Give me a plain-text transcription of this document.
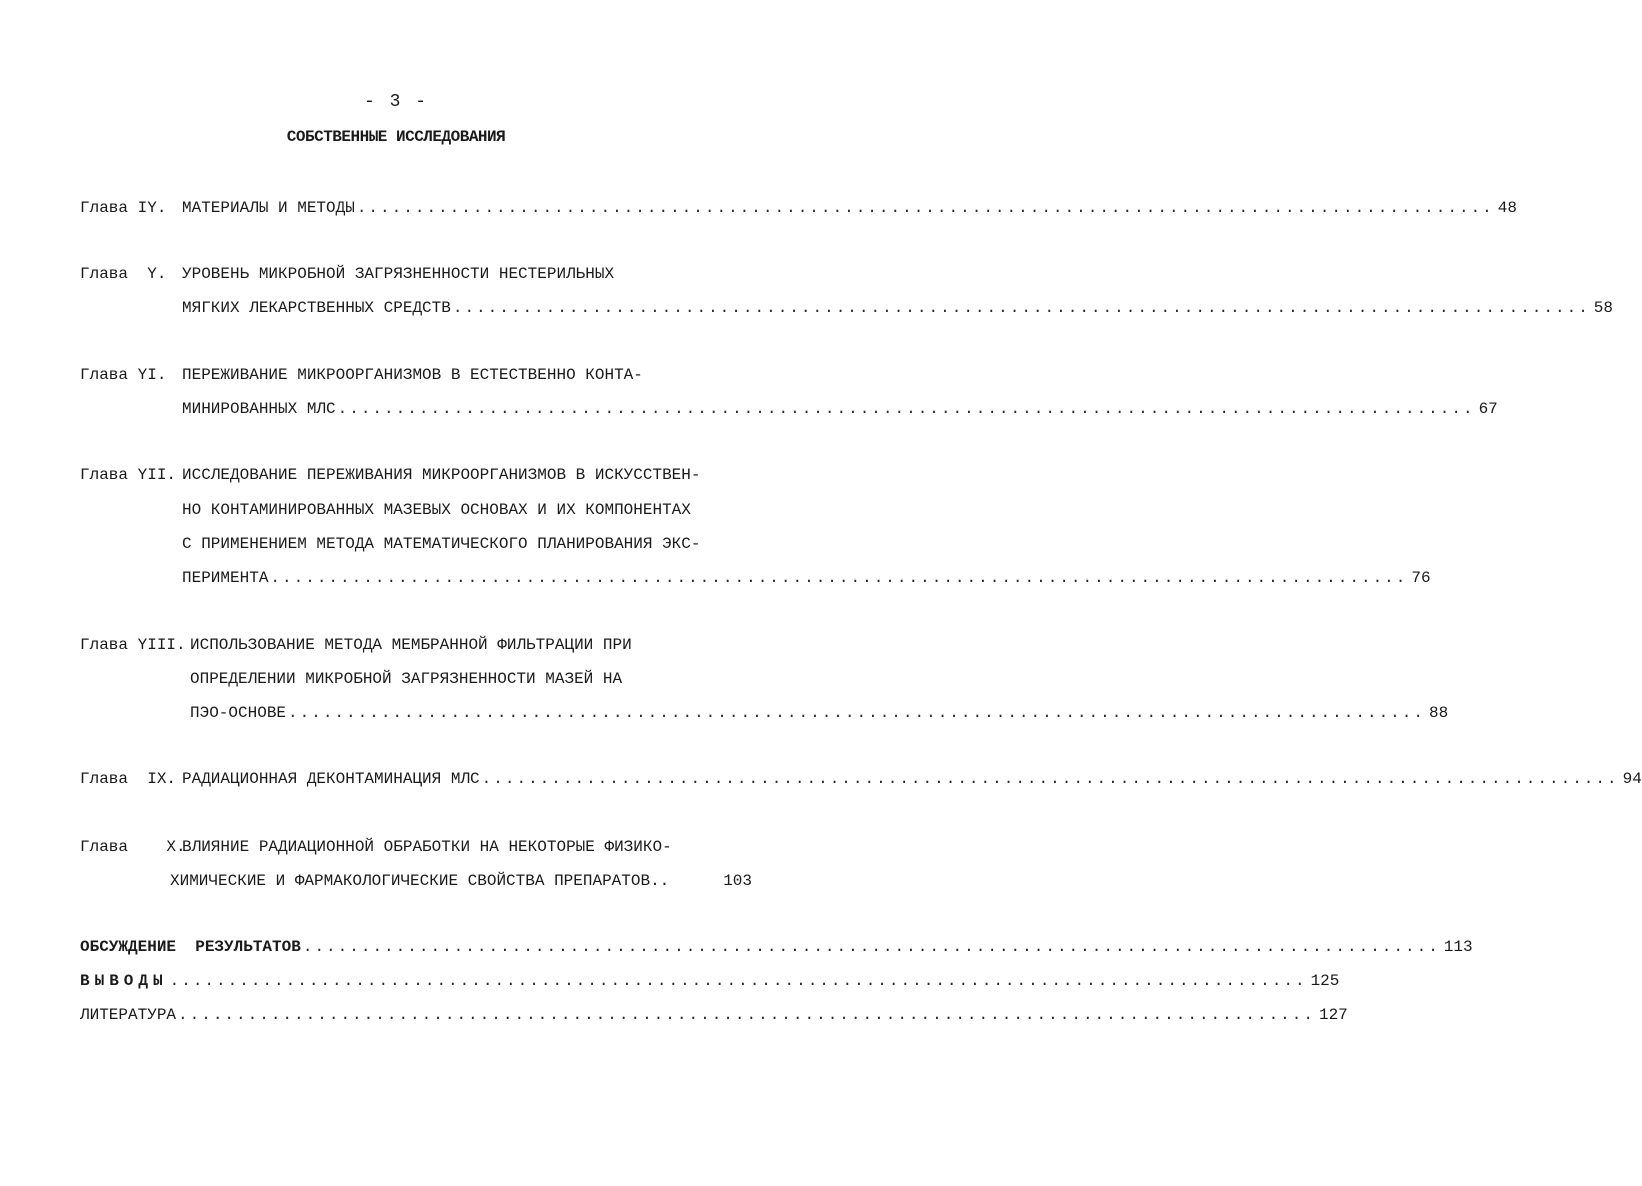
- 3 -
СОБСТВЕННЫЕ ИССЛЕДОВАНИЯ
Глава IY. МАТЕРИАЛЫ И МЕТОДЫ .................................................................................................. 48
Глава  Y. УРОВЕНЬ МИКРОБНОЙ ЗАГРЯЗНЕННОСТИ НЕСТЕРИЛЬНЫХ
МЯГКИХ ЛЕКАРСТВЕННЫХ СРЕДСТВ .................................................................................................. 58
Глава YI. ПЕРЕЖИВАНИЕ МИКРООРГАНИЗМОВ В ЕСТЕСТВЕННО КОНТА-
МИНИРОВАННЫХ МЛС .................................................................................................. 67
Глава YII. ИССЛЕДОВАНИЕ ПЕРЕЖИВАНИЯ МИКРООРГАНИЗМОВ В ИСКУССТВЕН-
НО КОНТАМИНИРОВАННЫХ МАЗЕВЫХ ОСНОВАХ И ИХ КОМПОНЕНТАХ
С ПРИМЕНЕНИЕМ МЕТОДА МАТЕМАТИЧЕСКОГО ПЛАНИРОВАНИЯ ЭКС-
ПЕРИМЕНТА .................................................................................................. 76
Глава YIII. ИСПОЛЬЗОВАНИЕ МЕТОДА МЕМБРАННОЙ ФИЛЬТРАЦИИ ПРИ
ОПРЕДЕЛЕНИИ МИКРОБНОЙ ЗАГРЯЗНЕННОСТИ МАЗЕЙ НА
ПЭО-ОСНОВЕ .................................................................................................. 88
Глава  IX. РАДИАЦИОННАЯ ДЕКОНТАМИНАЦИЯ МЛС .................................................................................................. 94
Глава    X.
ВЛИЯНИЕ РАДИАЦИОННОЙ ОБРАБОТКИ НА НЕКОТОРЫЕ ФИЗИКО-
ХИМИЧЕСКИЕ И ФАРМАКОЛОГИЧЕСКИЕ СВОЙСТВА ПРЕПАРАТОВ..	103
ОБСУЖДЕНИЕ  РЕЗУЛЬТАТОВ .................................................................................................. 113
ВЫВОДЫ .................................................................................................. 125
ЛИТЕРАТУРА .................................................................................................. 127
